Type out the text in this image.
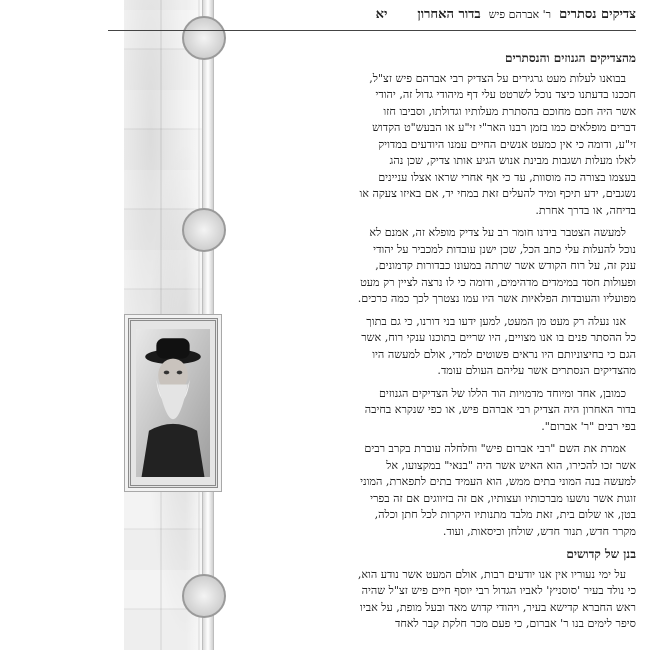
צדיקים נסתרים
ר' אברהם פיש
בדור האחרון
יא
מהצדיקים הגנוזים והנסתרים
בבואנו לעלות מעט גרגירים על הצדיק רבי אברהם פיש זצ"ל,
חככנו בדעתנו כיצד נוכל לשרטט עלי דף מיהודי גדול זה, יהודי
אשר היה חכם מחוכם בהסתרת מעלותיו וגדולתו, וסביבו חזו
דברים מופלאים כמו בזמן רבנו האר"י זי"ע או הבעש"ט הקדוש
זי"ע, ודומה כי אין כמעט אנשים החיים עמנו היודעים במדויק
לאלו מעלות ושגבות מבינת אנוש הגיע אותו צדיק, שכן נהג
בעצמו בצורה כה מוסוות, עד כי אף אחרי שראו אצלו עניינים
נשגבים, ידע תיכף ומיד להעלים זאת במחי יד, אם באיזו צעקה או
בדיחה, או בדרך אחרת.
למעשה הצטבר בידנו חומר רב על צדיק מופלא זה, אמנם לא
נוכל להעלות עלי כתב הכל, שכן ישנן עובדות למכביר על יהודי
ענק זה, על רוח הקודש אשר שרתה במעונו כבדורות קדמונים,
ופעולות חסד במימדים מדהימים, ודומה כי לו נרצה לציין רק מעט
מפועליו והעובדות הפלאיות אשר היו עמו נצטרך לכך כמה כרכים.
אנו נעלה רק מעט מן המעט, למען ידעו בני דורנו, כי גם בתוך
כל ההסתר פנים בו אנו מצויים, היו שריים בתוכנו ענקי רוח, אשר
הגם כי בחיצוניותם היו נראים פשוטים למדי, אולם למעשה היו
מהצדיקים הנסתרים אשר עליהם העולם עומד.
כמובן, אחד ומיוחד מדמויות הוד הללו של הצדיקים הגנוזים
בדור האחרון היה הצדיק רבי אברהם פיש, או כפי שנקרא בחיבה
בפי רבים "ר' אברום".
אמרת את השם "רבי אברום פיש" וחלחלה עוברת בקרב רבים
אשר זכו להכירו, הוא האיש אשר היה "בנאי" במקצועו, אל
למעשה בנה המוני בתים ממש, הוא העמיד בתים לתפארת, המוני
זוגות אשר נושעו מברכותיו ועצותיו, אם זה בזיווגים אם זה בפרי
בטן, או שלום בית, זאת מלבד מתנותיו היקרות לכל חתן וכלה,
מקרר חדש, תנור חדש, שולחן וכיסאות, ועוד.
בנן של קדושים
על ימי נעוריו אין אנו יודעים רבות, אולם המעט אשר נודע הוא,
כי נולד בעיר 'סוסניץ' לאביו הגדול רבי יוסף חיים פיש זצ"ל שהיה
ראש החברא קדישא בעיר, ויהודי קדוש מאד ובעל מופת, על אביו
סיפר לימים בנו ר' אברום, כי פעם מכר חלקת קבר לאחד
